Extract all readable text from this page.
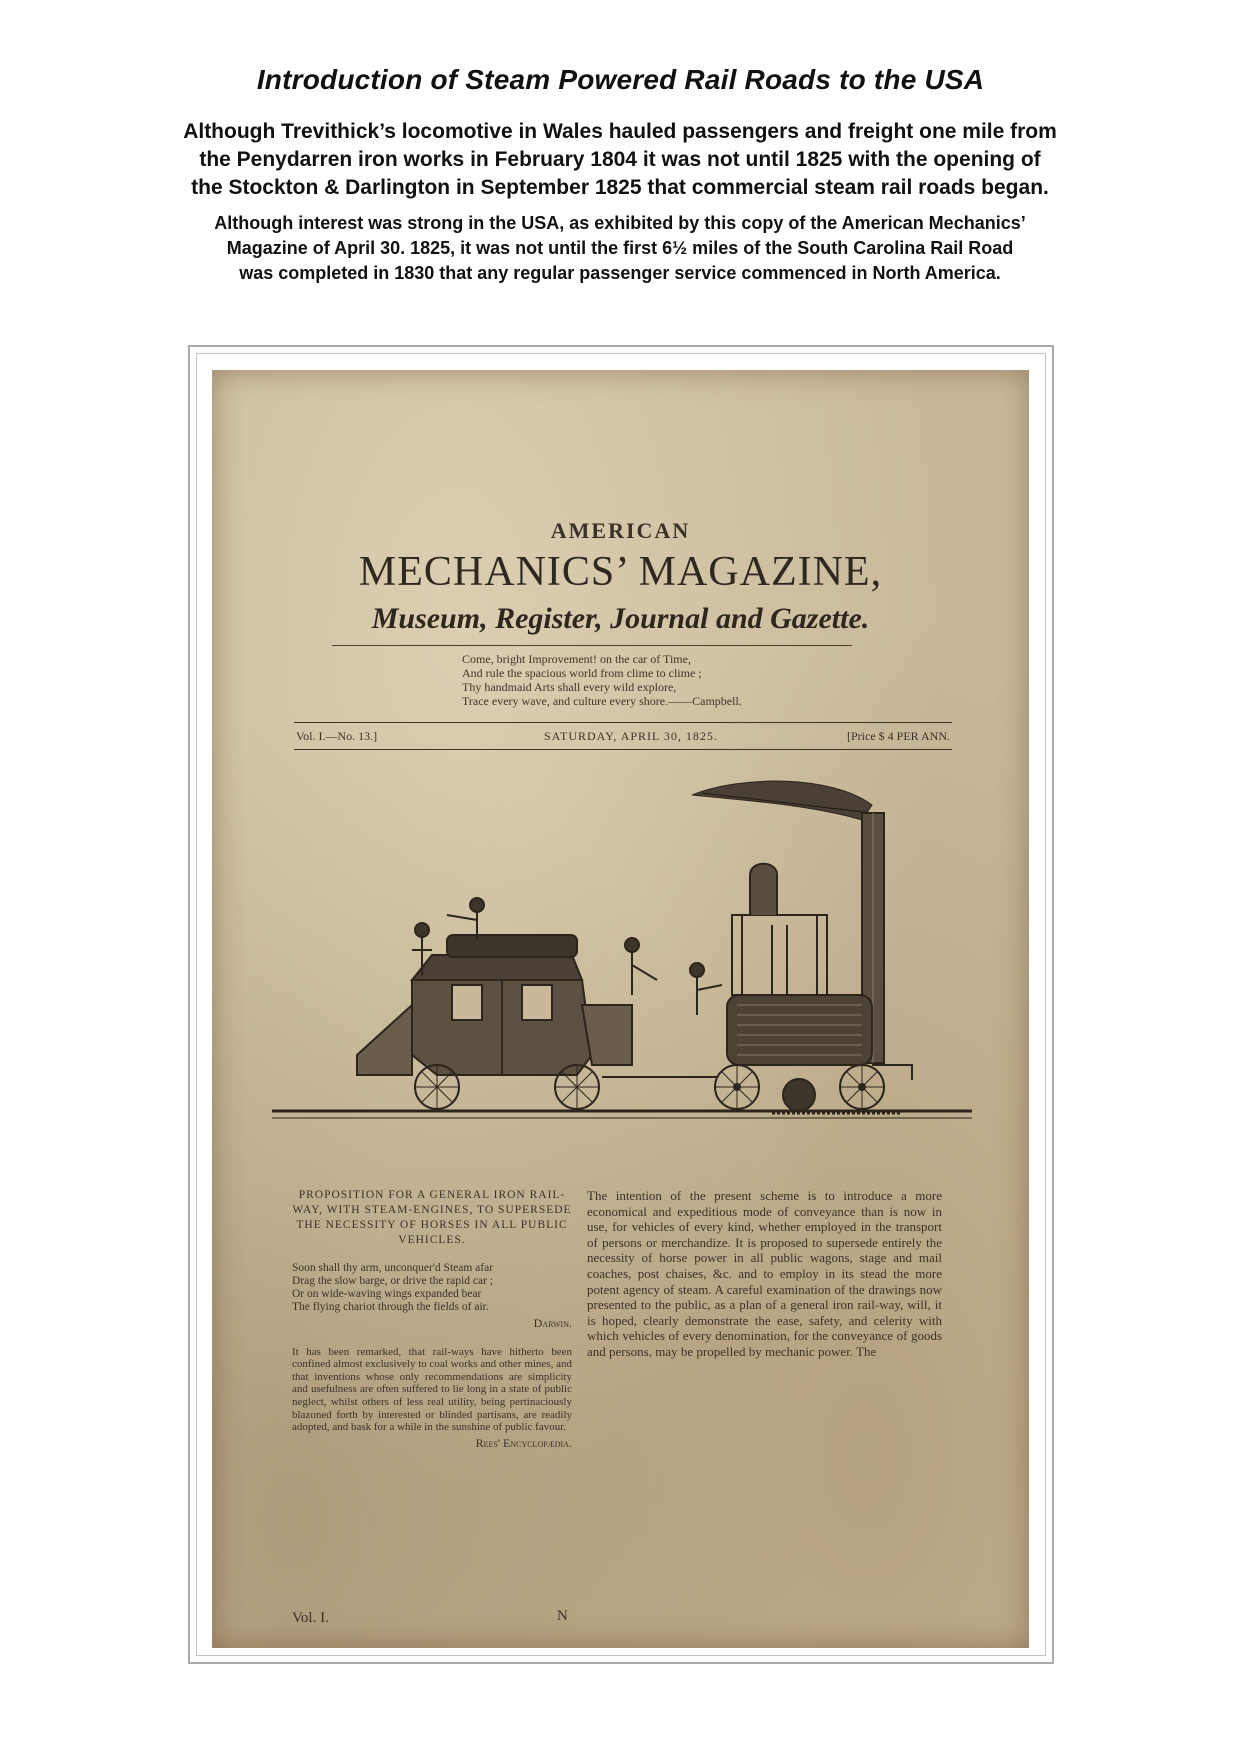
Introduction of Steam Powered Rail Roads to the USA
Although Trevithick’s locomotive in Wales hauled passengers and freight one mile from
the Penydarren iron works in February 1804 it was not until 1825 with the opening of
the Stockton & Darlington in September 1825 that commercial steam rail roads began.
Although interest was strong in the USA, as exhibited by this copy of the American Mechanics’
Magazine of April 30. 1825, it was not until the first 6½ miles of the South Carolina Rail Road
was completed in 1830 that any regular passenger service commenced in North America.
AMERICAN
MECHANICS’ MAGAZINE,
Museum, Register, Journal and Gazette.
Come, bright Improvement! on the car of Time,
And rule the spacious world from clime to clime ;
Thy handmaid Arts shall every wild explore,
Trace every wave, and culture every shore.——Campbell.
Vol. I.—No. 13.]	SATURDAY, APRIL 30, 1825.	[Price $ 4 PER ANN.
PROPOSITION FOR A GENERAL IRON RAIL-WAY, WITH STEAM-ENGINES, TO SUPERSEDE THE NECESSITY OF HORSES IN ALL PUBLIC VEHICLES.
Soon shall thy arm, unconquer'd Steam afar
Drag the slow barge, or drive the rapid car ;
Or on wide-waving wings expanded bear
The flying chariot through the fields of air.
Darwin.
It has been remarked, that rail-ways have hitherto been confined almost exclusively to coal works and other mines, and that inventions whose only recommendations are simplicity and usefulness are often suffered to lie long in a state of public neglect, whilst others of less real utility, being pertinaciously blazoned forth by interested or blinded partisans, are readily adopted, and bask for a while in the sunshine of public favour.
Rees' Encyclopædia.
The intention of the present scheme is to introduce a more economical and expeditious mode of conveyance than is now in use, for vehicles of every kind, whether employed in the transport of persons or merchandize. It is proposed to supersede entirely the necessity of horse power in all public wagons, stage and mail coaches, post chaises, &c. and to employ in its stead the more potent agency of steam. A careful examination of the drawings now presented to the public, as a plan of a general iron rail-way, will, it is hoped, clearly demonstrate the ease, safety, and celerity with which vehicles of every denomination, for the conveyance of goods and persons, may be propelled by mechanic power. The
Vol. I.	N
